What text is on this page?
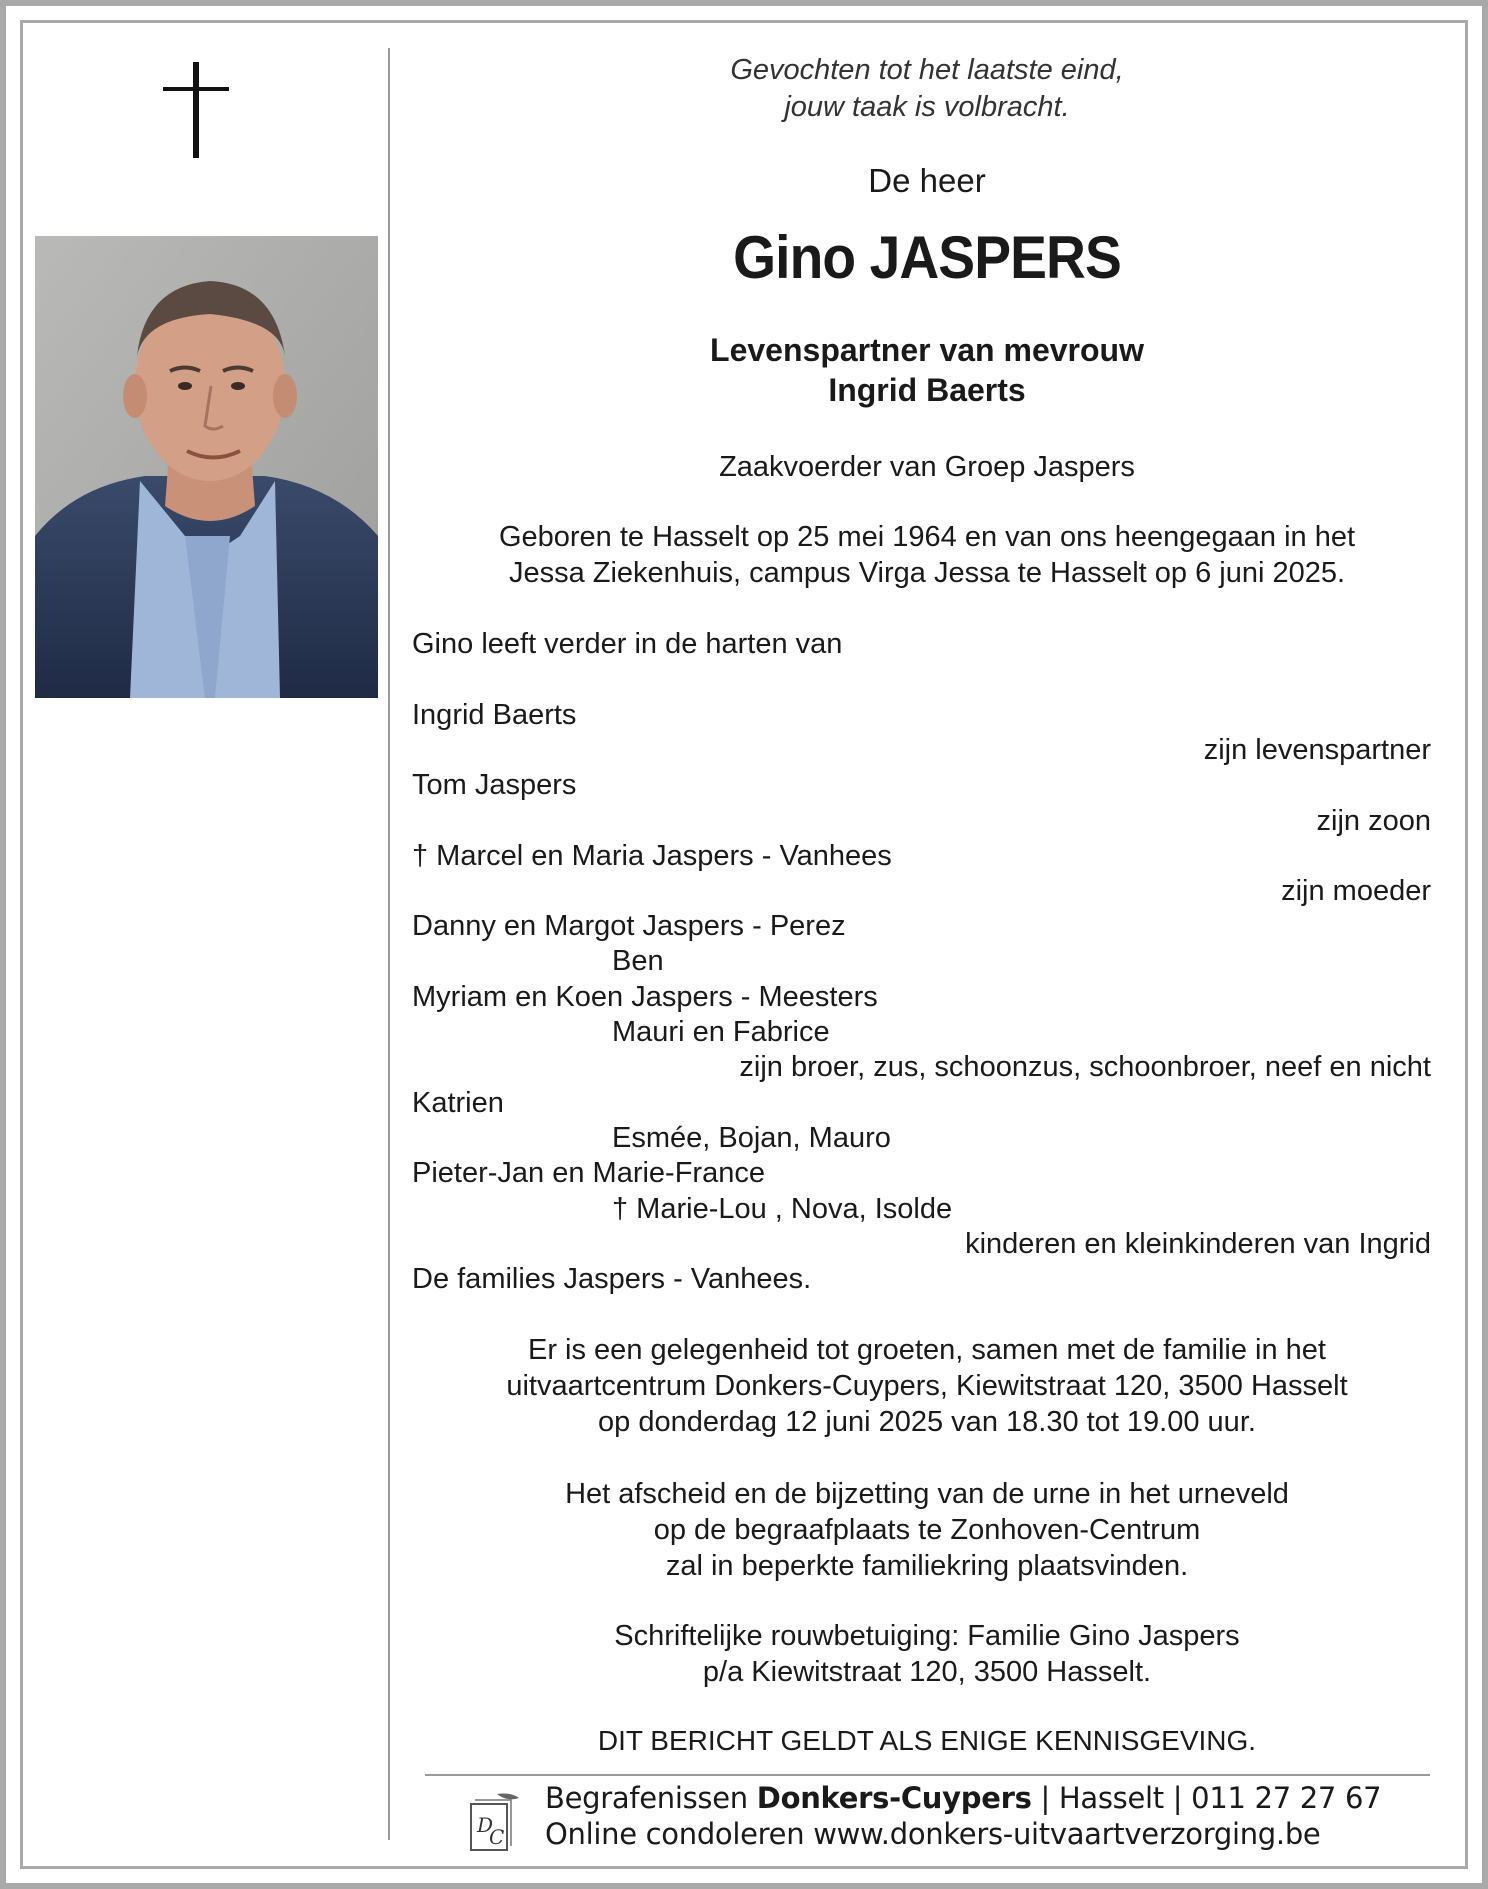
Gevochten tot het laatste eind,
jouw taak is volbracht.
De heer
Gino JASPERS
Levenspartner van mevrouw
Ingrid Baerts
Zaakvoerder van Groep Jaspers
Geboren te Hasselt op 25 mei 1964 en van ons heengegaan in het
Jessa Ziekenhuis, campus Virga Jessa te Hasselt op 6 juni 2025.
Gino leeft verder in de harten van
Ingrid Baerts
zijn levenspartner
Tom Jaspers
zijn zoon
† Marcel en Maria Jaspers - Vanhees
zijn moeder
Danny en Margot Jaspers - Perez
Ben
Myriam en Koen Jaspers - Meesters
Mauri en Fabrice
zijn broer, zus, schoonzus, schoonbroer, neef en nicht
Katrien
Esmée, Bojan, Mauro
Pieter-Jan en Marie-France
† Marie-Lou , Nova, Isolde
kinderen en kleinkinderen van Ingrid
De families Jaspers - Vanhees.
Er is een gelegenheid tot groeten, samen met de familie in het
uitvaartcentrum Donkers-Cuypers, Kiewitstraat 120, 3500 Hasselt
op donderdag 12 juni 2025 van 18.30 tot 19.00 uur.
Het afscheid en de bijzetting van de urne in het urneveld
op de begraafplaats te Zonhoven-Centrum
zal in beperkte familiekring plaatsvinden.
Schriftelijke rouwbetuiging: Familie Gino Jaspers
p/a Kiewitstraat 120, 3500 Hasselt.
DIT BERICHT GELDT ALS ENIGE KENNISGEVING.
D
C
Begrafenissen Donkers-Cuypers | Hasselt | 011 27 27 67
Online condoleren www.donkers-uitvaartverzorging.be
